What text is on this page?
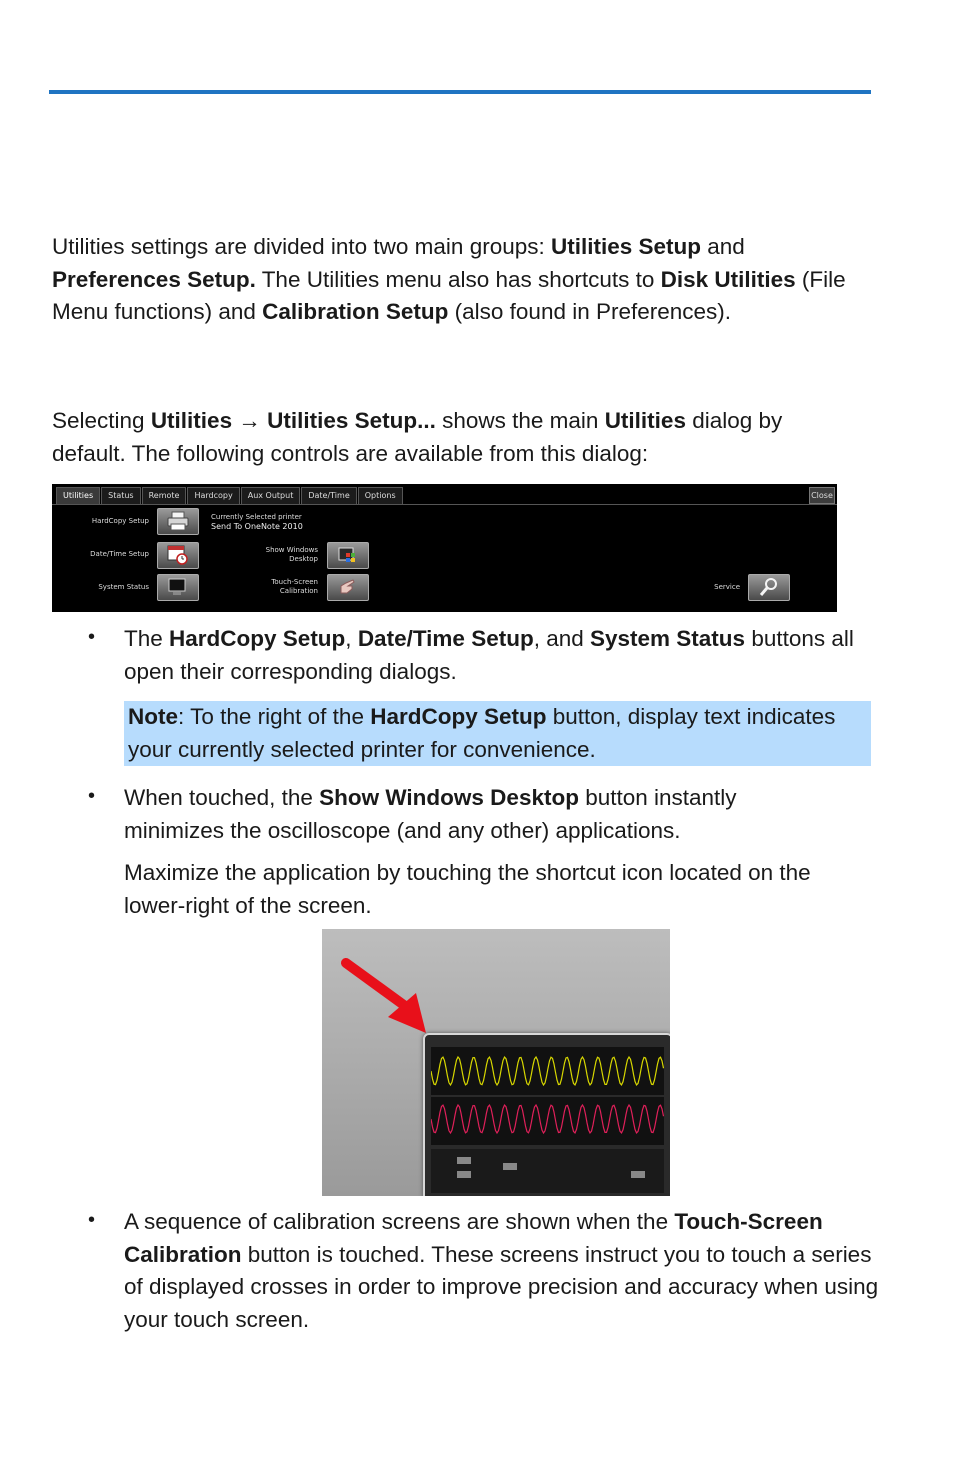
Utilities settings are divided into two main groups: Utilities Setup and Preferences Setup. The Utilities menu also has shortcuts to Disk Utilities (File Menu functions) and Calibration Setup (also found in Preferences).

Selecting Utilities → Utilities Setup... shows the main Utilities dialog by default. The following controls are available from this dialog:

Utilities	Status	Remote	Hardcopy	Aux Output	Date/Time	Options	Close
HardCopy Setup	Currently Selected printer
Send To OneNote 2010
Date/Time Setup
System Status
Show Windows
Desktop
Touch-Screen
Calibration	Service
• The HardCopy Setup, Date/Time Setup, and System Status buttons all open their corresponding dialogs.

Note: To the right of the HardCopy Setup button, display text indicates your currently selected printer for convenience.

• When touched, the Show Windows Desktop button instantly minimizes the oscilloscope (and any other) applications.

Maximize the application by touching the shortcut icon located on the lower-right of the screen.

• A sequence of calibration screens are shown when the Touch-Screen Calibration button is touched. These screens instruct you to touch a series of displayed crosses in order to improve precision and accuracy when using your touch screen.
